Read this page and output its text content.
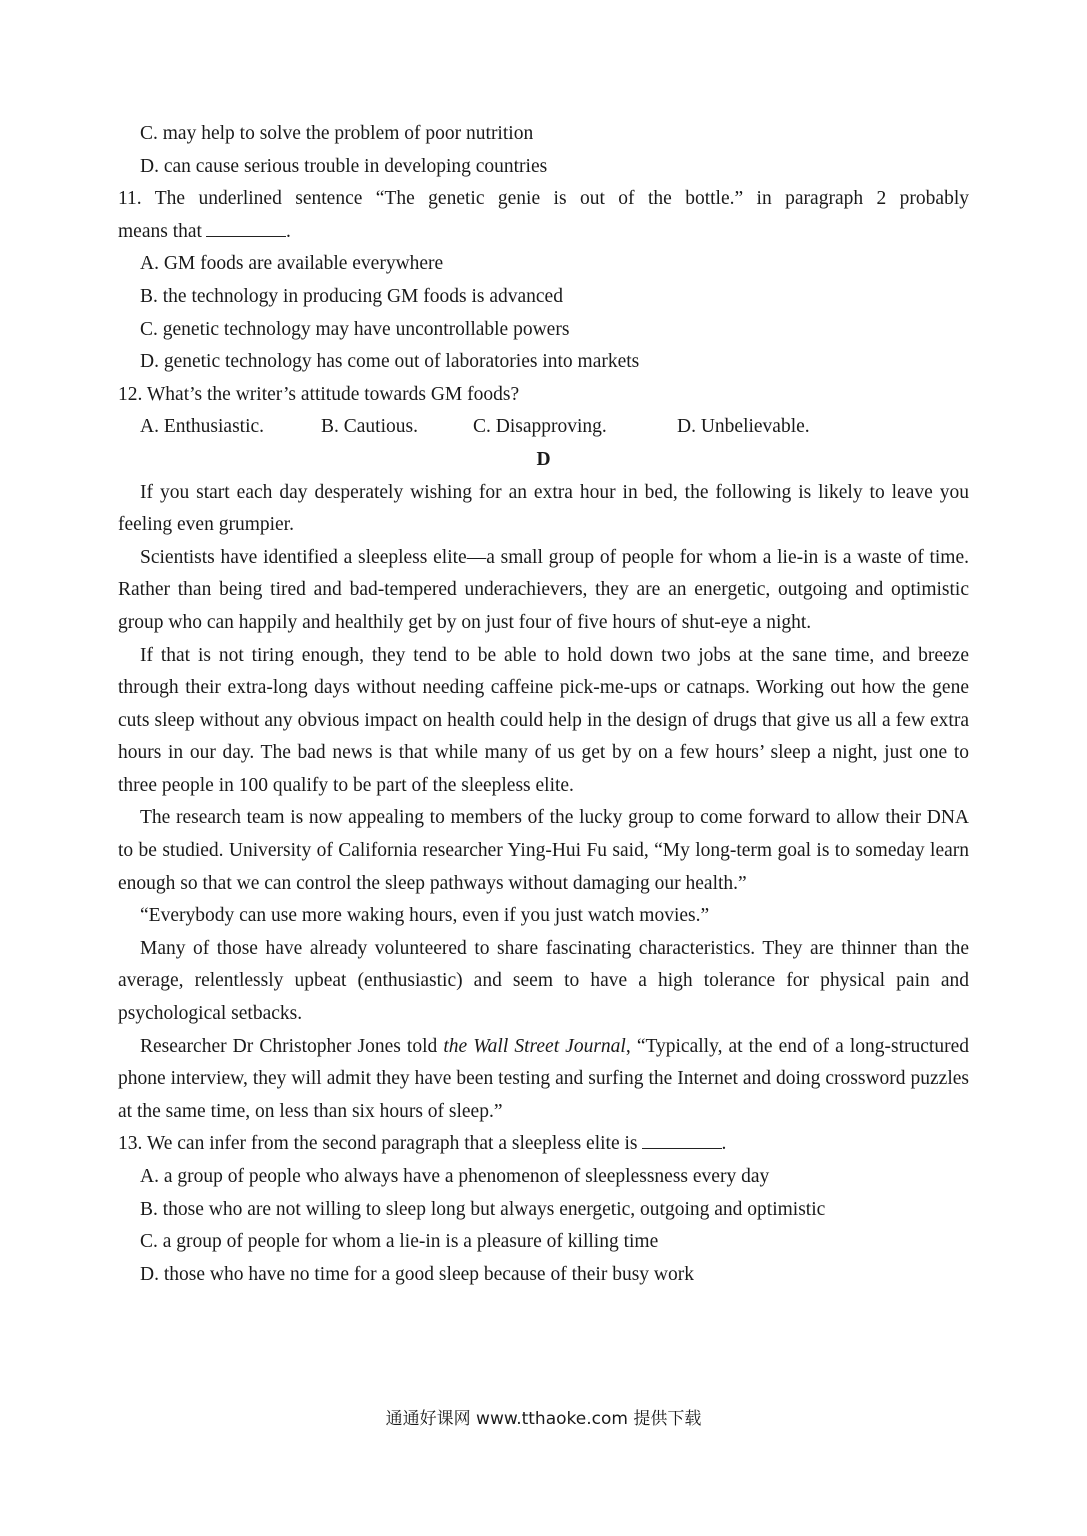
C. may help to solve the problem of poor nutrition
D. can cause serious trouble in developing countries
11. The underlined sentence “The genetic genie is out of the bottle.” in paragraph 2 probably
means that	.
A. GM foods are available everywhere
B. the technology in producing GM foods is advanced
C. genetic technology may have uncontrollable powers
D. genetic technology has come out of laboratories into markets
12. What’s the writer’s attitude towards GM foods?
A. Enthusiastic.	B. Cautious.	C. Disapproving.	D. Unbelievable.
D

If you start each day desperately wishing for an extra hour in bed, the following is likely to leave you feeling even grumpier.

Scientists have identified a sleepless elite—a small group of people for whom a lie-in is a waste of time. Rather than being tired and bad-tempered underachievers, they are an energetic, outgoing and optimistic group who can happily and healthily get by on just four of five hours of shut-eye a night.

If that is not tiring enough, they tend to be able to hold down two jobs at the sane time, and breeze through their extra-long days without needing caffeine pick-me-ups or catnaps. Working out how the gene cuts sleep without any obvious impact on health could help in the design of drugs that give us all a few extra hours in our day. The bad news is that while many of us get by on a few hours’ sleep a night, just one to three people in 100 qualify to be part of the sleepless elite.

The research team is now appealing to members of the lucky group to come forward to allow their DNA to be studied. University of California researcher Ying-Hui Fu said, “My long-term goal is to someday learn enough so that we can control the sleep pathways without damaging our health.”

“Everybody can use more waking hours, even if you just watch movies.”

Many of those have already volunteered to share fascinating characteristics. They are thinner than the average, relentlessly upbeat (enthusiastic) and seem to have a high tolerance for physical pain and psychological setbacks.

Researcher Dr Christopher Jones told the Wall Street Journal, “Typically, at the end of a long-structured phone interview, they will admit they have been testing and surfing the Internet and doing crossword puzzles at the same time, on less than six hours of sleep.”

13. We can infer from the second paragraph that a sleepless elite is	.
A. a group of people who always have a phenomenon of sleeplessness every day
B. those who are not willing to sleep long but always energetic, outgoing and optimistic
C. a group of people for whom a lie-in is a pleasure of killing time
D. those who have no time for a good sleep because of their busy work
通通好课网 www.tthaoke.com 提供下载
